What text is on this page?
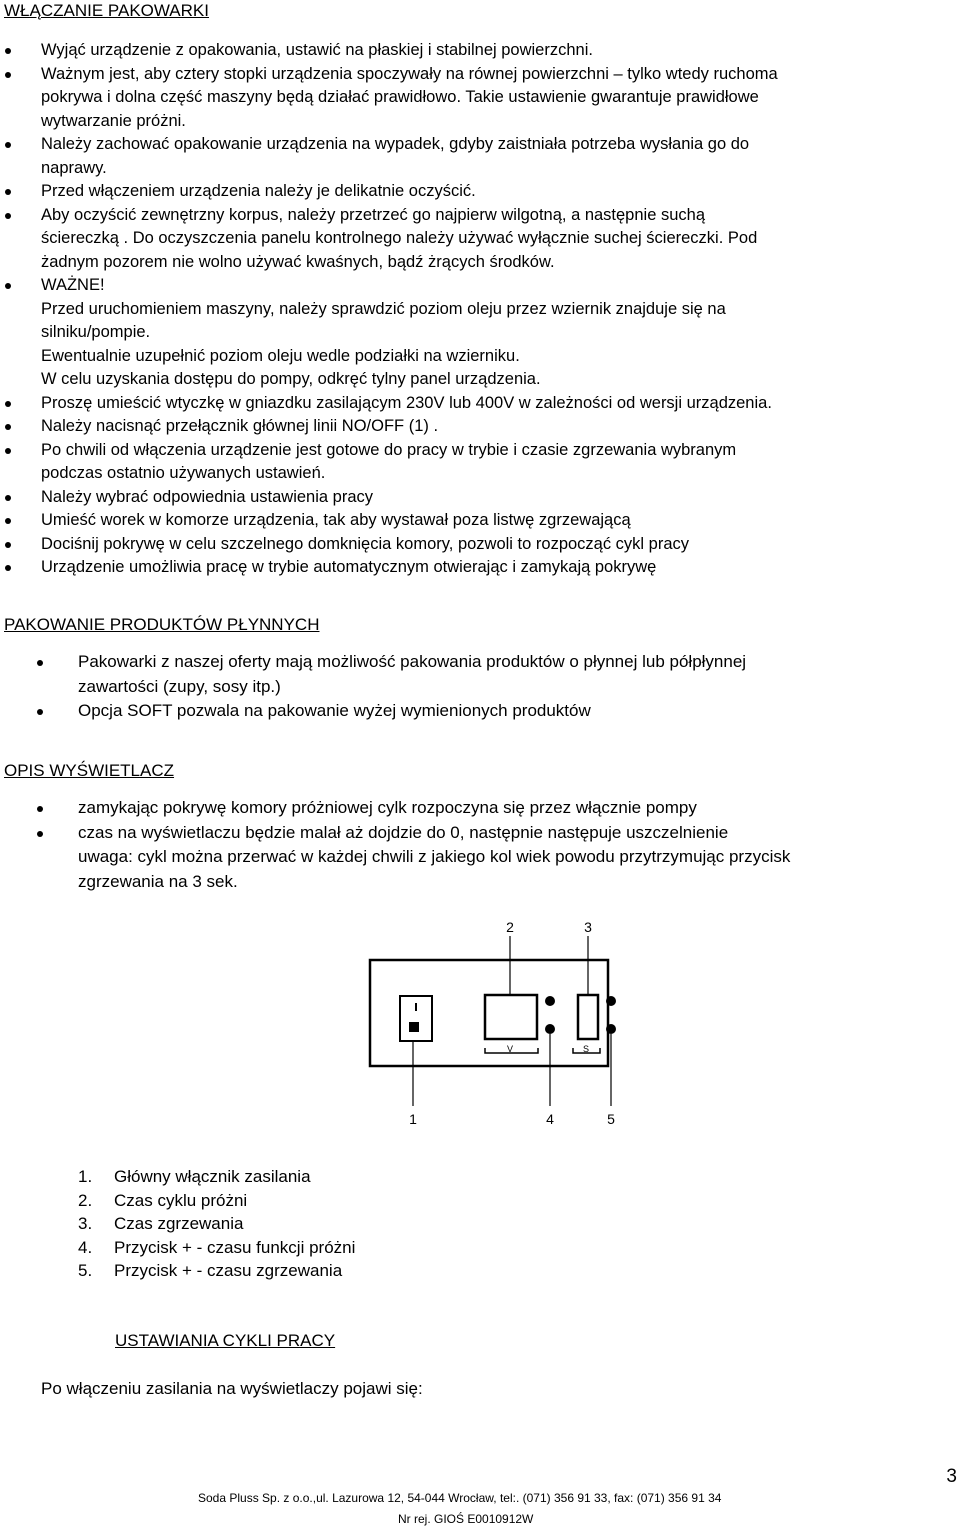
WŁĄCZANIE PAKOWARKI
Wyjąć urządzenie z opakowania, ustawić na płaskiej i stabilnej powierzchni.
Ważnym jest, aby cztery stopki urządzenia spoczywały na równej powierzchni – tylko wtedy ruchoma
pokrywa i dolna część maszyny będą działać prawidłowo. Takie ustawienie gwarantuje prawidłowe
wytwarzanie próżni.
Należy zachować opakowanie urządzenia na wypadek, gdyby zaistniała potrzeba wysłania go do
naprawy.
Przed włączeniem urządzenia należy je delikatnie oczyścić.
Aby oczyścić zewnętrzny korpus, należy przetrzeć go najpierw wilgotną, a następnie suchą
ściereczką . Do oczyszczenia panelu kontrolnego należy używać wyłącznie suchej ściereczki. Pod
żadnym pozorem nie wolno używać kwaśnych, bądź żrących środków.
WAŻNE!
Przed uruchomieniem maszyny, należy sprawdzić poziom oleju przez wziernik znajduje się na
silniku/pompie.
Ewentualnie uzupełnić poziom oleju wedle podziałki na wzierniku.
W celu uzyskania dostępu do pompy, odkręć tylny panel urządzenia.
Proszę umieścić wtyczkę w gniazdku zasilającym 230V lub 400V w zależności od wersji urządzenia.
Należy nacisnąć przełącznik głównej linii NO/OFF (1) .
Po chwili od włączenia urządzenie jest gotowe do pracy w trybie i czasie zgrzewania wybranym
podczas ostatnio używanych ustawień.
Należy wybrać odpowiednia ustawienia pracy
Umieść worek w komorze urządzenia, tak aby wystawał poza listwę zgrzewającą
Dociśnij pokrywę w celu szczelnego domknięcia komory, pozwoli to rozpocząć cykl pracy
Urządzenie umożliwia pracę w trybie automatycznym otwierając i zamykają pokrywę
PAKOWANIE PRODUKTÓW PŁYNNYCH
Pakowarki z naszej oferty mają możliwość pakowania produktów o płynnej lub półpłynnej
zawartości (zupy, sosy itp.)
Opcja SOFT pozwala na pakowanie wyżej wymienionych produktów
OPIS WYŚWIETLACZ
zamykając pokrywę komory próżniowej cylk rozpoczyna się przez włącznie pompy
czas na wyświetlaczu będzie malał aż dojdzie do 0, następnie następuje uszczelnienie
uwaga: cykl można przerwać w każdej chwili z jakiego kol wiek powodu przytrzymując przycisk
zgrzewania na 3 sek.
V	S
2	3
1	4	5
1. Główny włącznik zasilania
2. Czas cyklu próżni
3. Czas zgrzewania
4. Przycisk + - czasu funkcji próżni
5. Przycisk + - czasu zgrzewania
USTAWIANIA CYKLI PRACY
Po włączeniu zasilania na wyświetlaczy pojawi się:
3
Soda Pluss Sp. z o.o.,ul. Lazurowa 12, 54-044 Wrocław, tel:. (071) 356 91 33, fax: (071) 356 91 34
Nr rej. GIOŚ E0010912W
